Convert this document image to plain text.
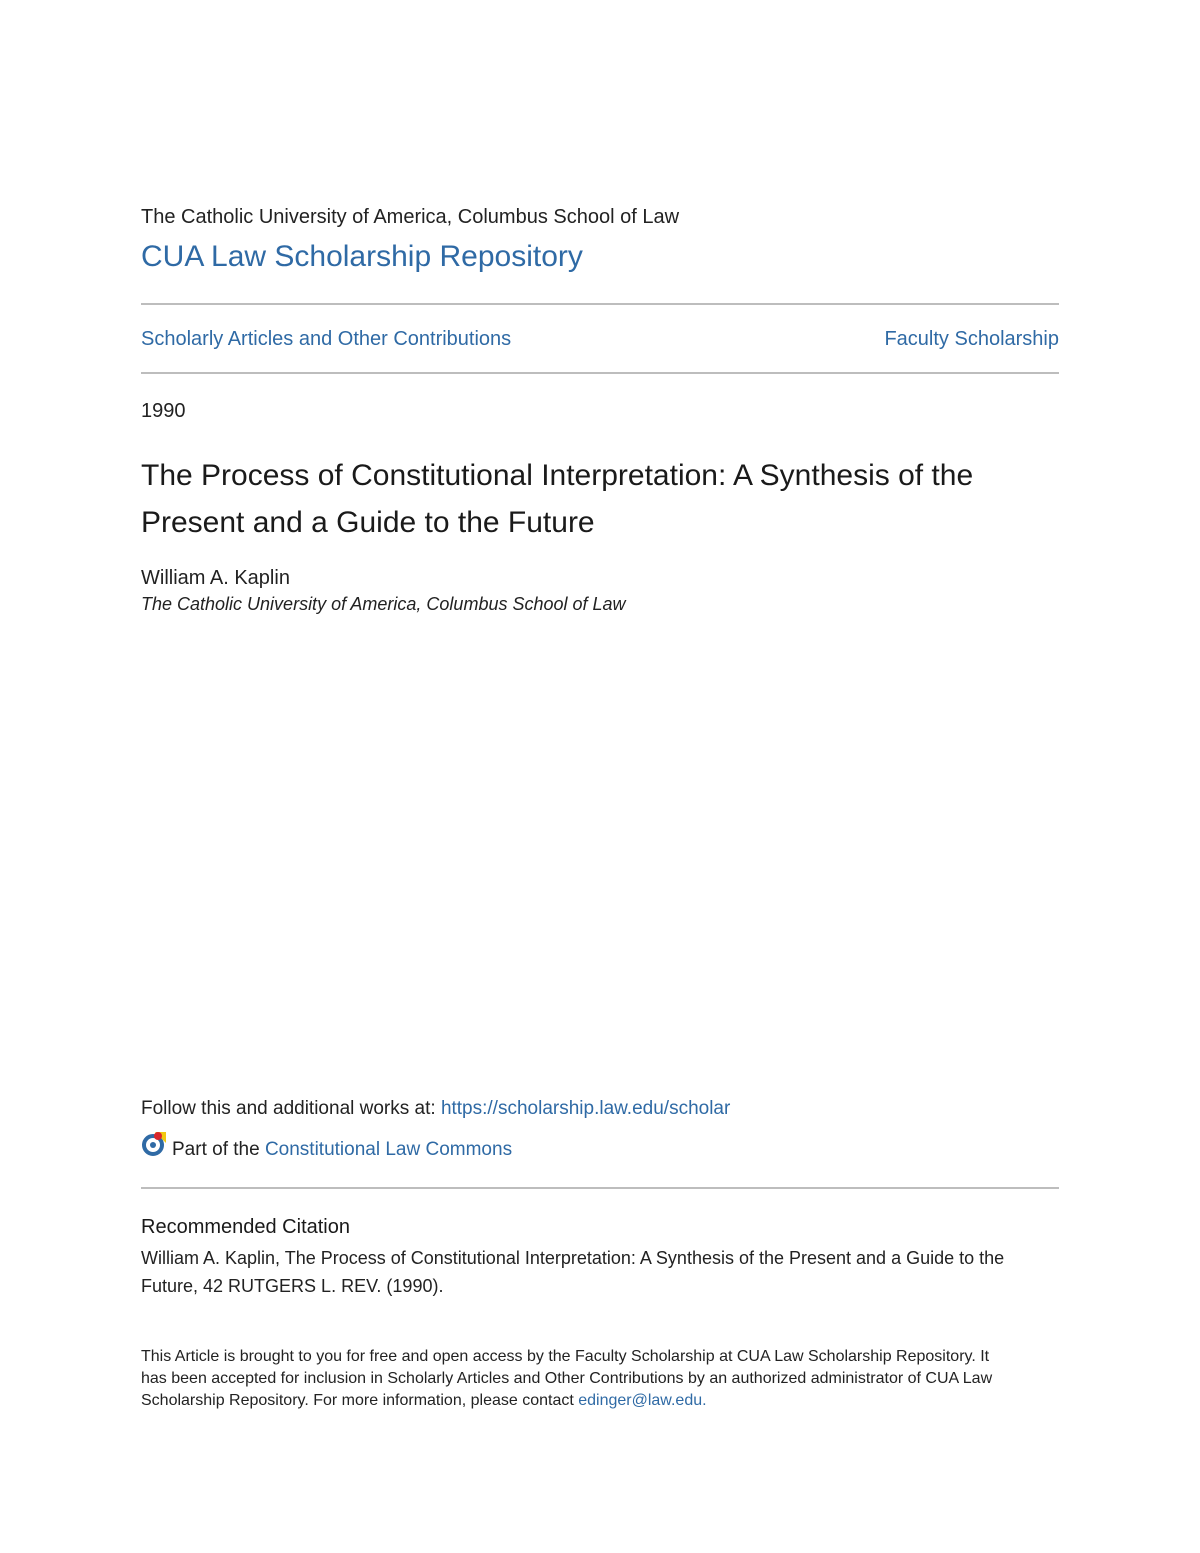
The Catholic University of America, Columbus School of Law
CUA Law Scholarship Repository
Scholarly Articles and Other Contributions	Faculty Scholarship
1990
The Process of Constitutional Interpretation: A Synthesis of the Present and a Guide to the Future
William A. Kaplin
The Catholic University of America, Columbus School of Law
Follow this and additional works at: https://scholarship.law.edu/scholar
Part of the Constitutional Law Commons
Recommended Citation
William A. Kaplin, The Process of Constitutional Interpretation: A Synthesis of the Present and a Guide to the Future, 42 RUTGERS L. REV. (1990).
This Article is brought to you for free and open access by the Faculty Scholarship at CUA Law Scholarship Repository. It has been accepted for inclusion in Scholarly Articles and Other Contributions by an authorized administrator of CUA Law Scholarship Repository. For more information, please contact edinger@law.edu.
